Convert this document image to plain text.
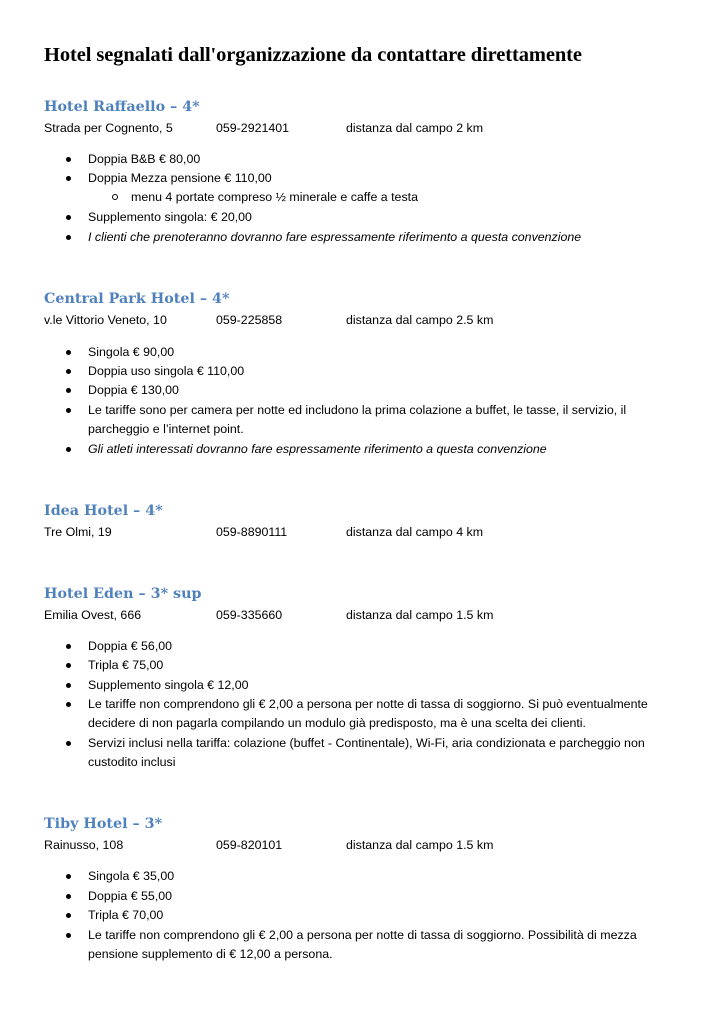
Hotel segnalati dall'organizzazione da contattare direttamente
Hotel Raffaello – 4*
Strada per Cognento, 5	059-2921401	distanza dal campo 2 km
Doppia B&B € 80,00
Doppia Mezza pensione € 110,00
menu 4 portate compreso ½ minerale e caffe a testa
Supplemento singola: € 20,00
I clienti che prenoteranno dovranno fare espressamente riferimento a questa convenzione
Central Park Hotel – 4*
v.le Vittorio Veneto, 10	059-225858	distanza dal campo 2.5 km
Singola € 90,00
Doppia uso singola € 110,00
Doppia € 130,00
Le tariffe sono per camera per notte ed includono la prima colazione a buffet, le tasse, il servizio, il parcheggio e l’internet point.
Gli atleti interessati dovranno fare espressamente riferimento a questa convenzione
Idea Hotel – 4*
Tre Olmi, 19	059-8890111	distanza dal campo 4 km
Hotel Eden – 3* sup
Emilia Ovest, 666	059-335660	distanza dal campo 1.5 km
Doppia € 56,00
Tripla € 75,00
Supplemento singola € 12,00
Le tariffe non comprendono gli € 2,00 a persona per notte di tassa di soggiorno. Si può eventualmente decidere di non pagarla compilando un modulo già predisposto, ma è una scelta dei clienti.
Servizi inclusi nella tariffa: colazione (buffet - Continentale), Wi-Fi, aria condizionata e parcheggio non custodito inclusi
Tiby Hotel – 3*
Rainusso, 108	059-820101	distanza dal campo 1.5 km
Singola € 35,00
Doppia € 55,00
Tripla € 70,00
Le tariffe non comprendono gli € 2,00 a persona per notte di tassa di soggiorno. Possibilità di mezza pensione supplemento di € 12,00 a persona.
